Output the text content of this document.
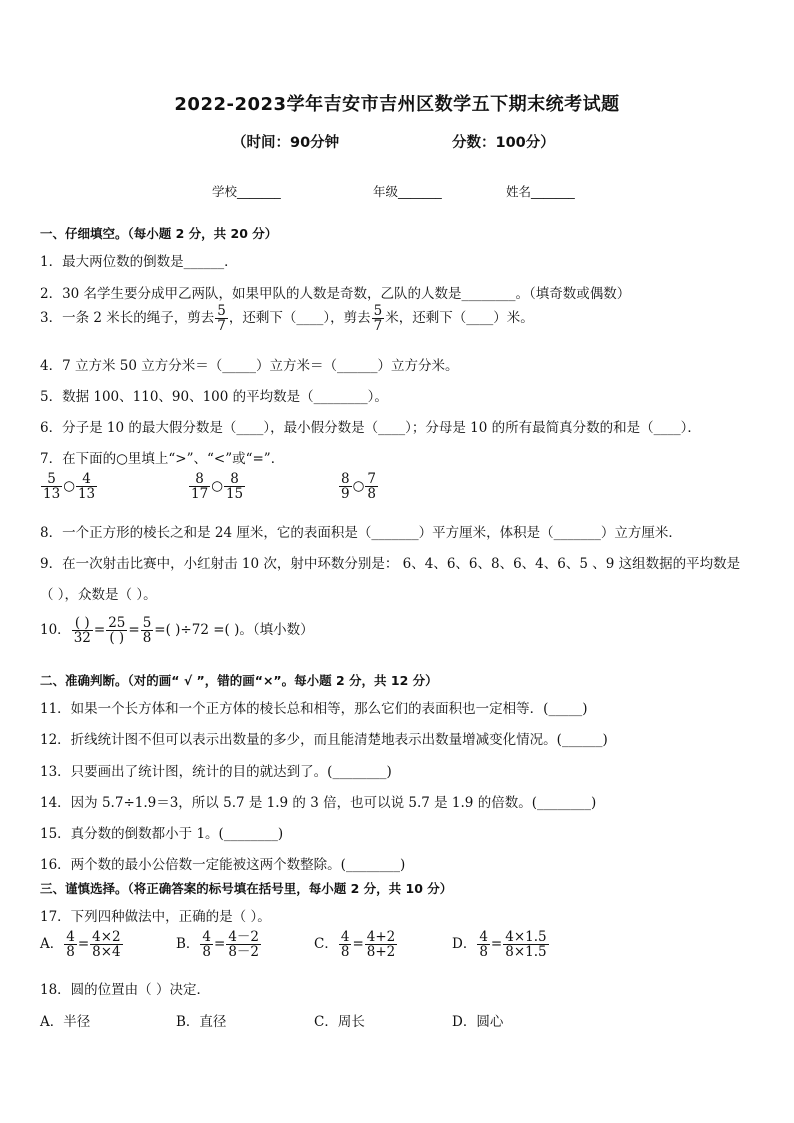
2022-2023学年吉安市吉州区数学五下期末统考试题
（时间：90分钟	分数：100分）
学校_______	年级_______	姓名_______
一、仔细填空。（每小题 2 分，共 20 分）
1．最大两位数的倒数是______．
2．30 名学生要分成甲乙两队，如果甲队的人数是奇数，乙队的人数是________。（填奇数或偶数）
3．一条 2 米长的绳子，剪去 $\frac{5}{7}$ ，还剩下（____），剪去 $\frac{5}{7}$ 米，还剩下（____）米。
4．7 立方米 50 立方分米＝（_____）立方米＝（______）立方分米。
5．数据 100、110、90、100 的平均数是（________）。
6．分子是 10 的最大假分数是（____），最小假分数是（____）；分母是 10 的所有最简真分数的和是（____）．
7．在下面的○里填上“>”、“<”或“=”．
$\frac{5}{13}$ ○ $\frac{4}{13}$	$\frac{8}{17}$ ○ $\frac{8}{15}$	$\frac{8}{9}$ ○ $\frac{7}{8}$
8．一个正方形的棱长之和是 24 厘米，它的表面积是（_______）平方厘米，体积是（_______）立方厘米．
9．在一次射击比赛中，小红射击 10 次，射中环数分别是： 6、4、6、6、8、6、4、6、5 、9 这组数据的平均数是
（ ），众数是（ ）。
10． $\frac{( )}{32} = \frac{25}{( )} = \frac{5}{8}$ =( )÷72 =( )。（填小数）
二、准确判断。（对的画“ √ ”，错的画“×”。每小题 2 分，共 12 分）
11．如果一个长方体和一个正方体的棱长总和相等，那么它们的表面积也一定相等．(_____)
12．折线统计图不但可以表示出数量的多少，而且能清楚地表示出数量增减变化情况。(______)
13．只要画出了统计图，统计的目的就达到了。(________)
14．因为 5.7÷1.9＝3，所以 5.7 是 1.9 的 3 倍，也可以说 5.7 是 1.9 的倍数。(________)
15．真分数的倒数都小于 1。(________)
16．两个数的最小公倍数一定能被这两个数整除。(________)
三、谨慎选择。（将正确答案的标号填在括号里，每小题 2 分，共 10 分）
17．下列四种做法中，正确的是（ ）。
A． $\frac{4}{8} = \frac{4\times 2}{8\times 4}$	B． $\frac{4}{8} = \frac{4-2}{8-2}$	C． $\frac{4}{8} = \frac{4+2}{8+2}$	D． $\frac{4}{8} = \frac{4\times 1.5}{8\times 1.5}$
18．圆的位置由（ ）决定．
A．半径	B．直径	C．周长	D．圆心
